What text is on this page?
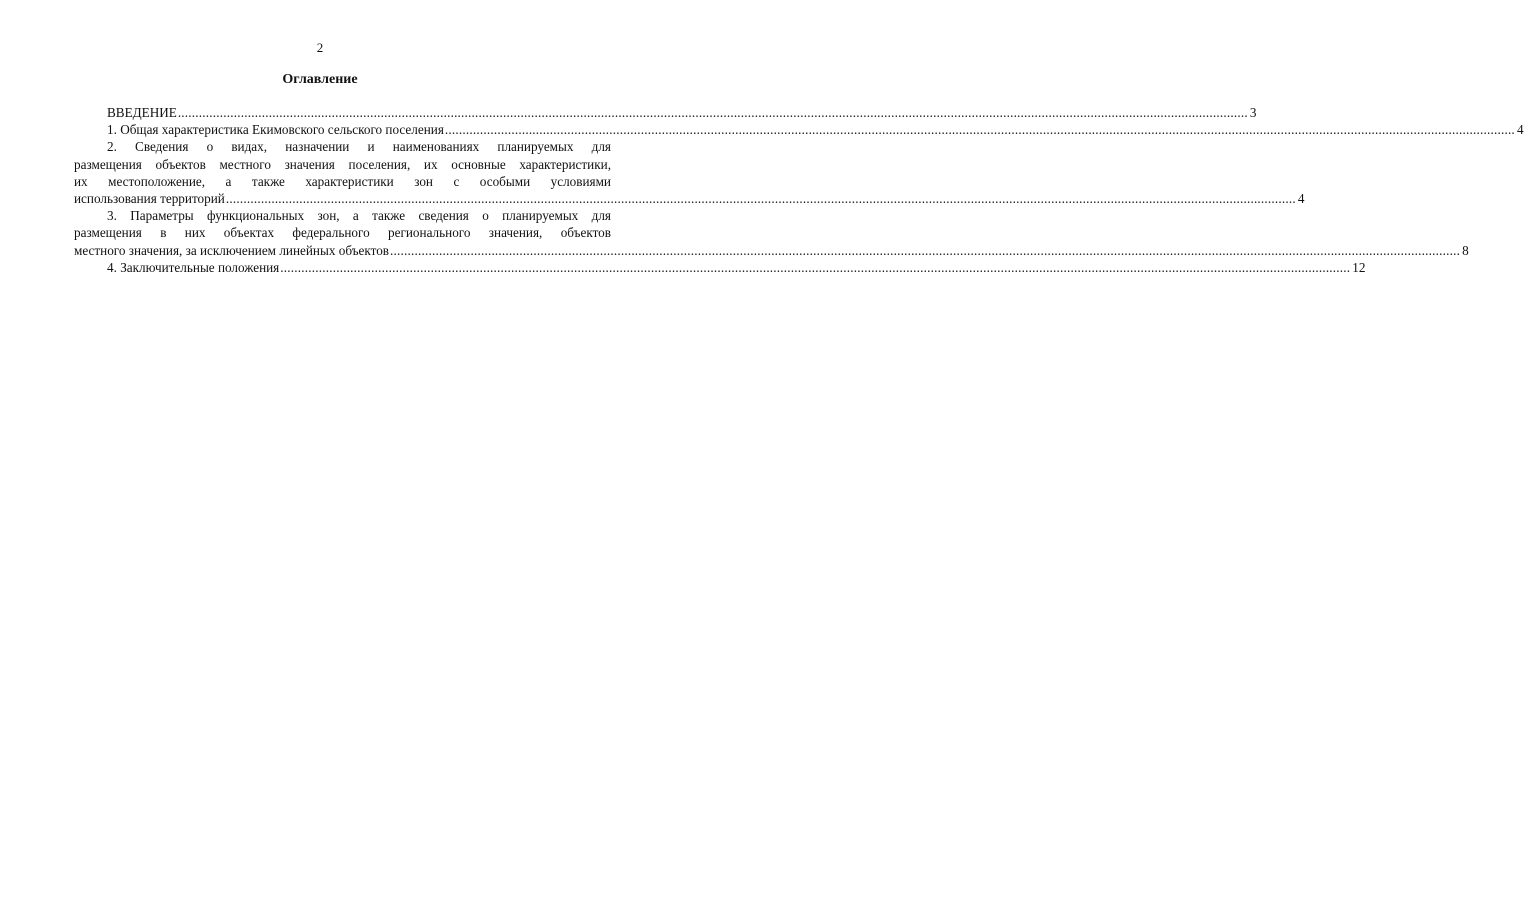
2
Оглавление
ВВЕДЕНИЕ .................................................................................................................................................................................................................................................................................................................. 3
1. Общая характеристика Екимовского сельского поселения .................................................................................................................................................................................................................................................................................................................. 4
2. Сведения о видах, назначении и наименованиях планируемых для
размещения объектов местного значения поселения, их основные характеристики,
их местоположение, а также характеристики зон с особыми условиями
использования территорий .................................................................................................................................................................................................................................................................................................................. 4
3. Параметры функциональных зон, а также сведения о планируемых для
размещения в них объектах федерального регионального значения, объектов
местного значения, за исключением линейных объектов .................................................................................................................................................................................................................................................................................................................. 8
4. Заключительные положения .................................................................................................................................................................................................................................................................................................................. 12
